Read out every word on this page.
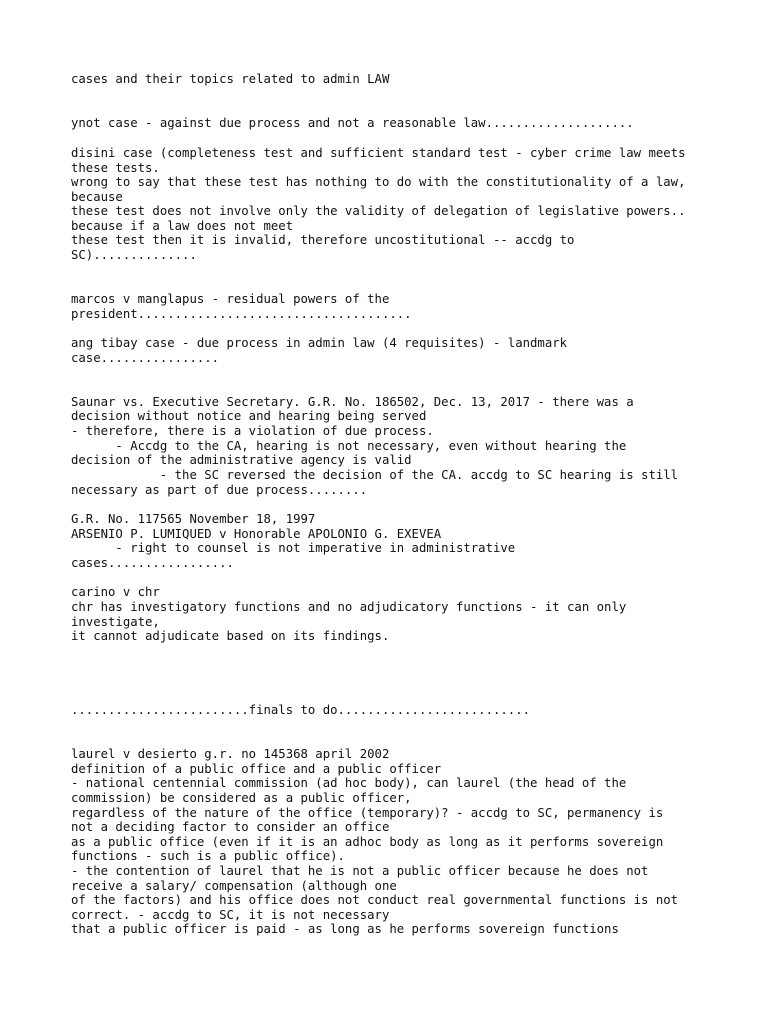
cases and their topics related to admin LAW
ynot case - against due process and not a reasonable law....................
disini case (completeness test and sufficient standard test - cyber crime law meets
these tests.
wrong to say that these test has nothing to do with the constitutionality of a law,
because
these test does not involve only the validity of delegation of legislative powers..
because if a law does not meet
these test then it is invalid, therefore uncostitutional -- accdg to
SC)..............
marcos v manglapus - residual powers of the
president.....................................
ang tibay case - due process in admin law (4 requisites) - landmark
case................
Saunar vs. Executive Secretary. G.R. No. 186502, Dec. 13, 2017 - there was a
decision without notice and hearing being served
- therefore, there is a violation of due process.
- Accdg to the CA, hearing is not necessary, even without hearing the
decision of the administrative agency is valid
- the SC reversed the decision of the CA. accdg to SC hearing is still
necessary as part of due process........
G.R. No. 117565 November 18, 1997
ARSENIO P. LUMIQUED v Honorable APOLONIO G. EXEVEA
- right to counsel is not imperative in administrative
cases.................
carino v chr
chr has investigatory functions and no adjudicatory functions - it can only
investigate,
it cannot adjudicate based on its findings.
........................finals to do..........................
laurel v desierto g.r. no 145368 april 2002
definition of a public office and a public officer
- national centennial commission (ad hoc body), can laurel (the head of the
commission) be considered as a public officer,
regardless of the nature of the office (temporary)? - accdg to SC, permanency is
not a deciding factor to consider an office
as a public office (even if it is an adhoc body as long as it performs sovereign
functions - such is a public office).
- the contention of laurel that he is not a public officer because he does not
receive a salary/ compensation (although one
of the factors) and his office does not conduct real governmental functions is not
correct. - accdg to SC, it is not necessary
that a public officer is paid - as long as he performs sovereign functions
